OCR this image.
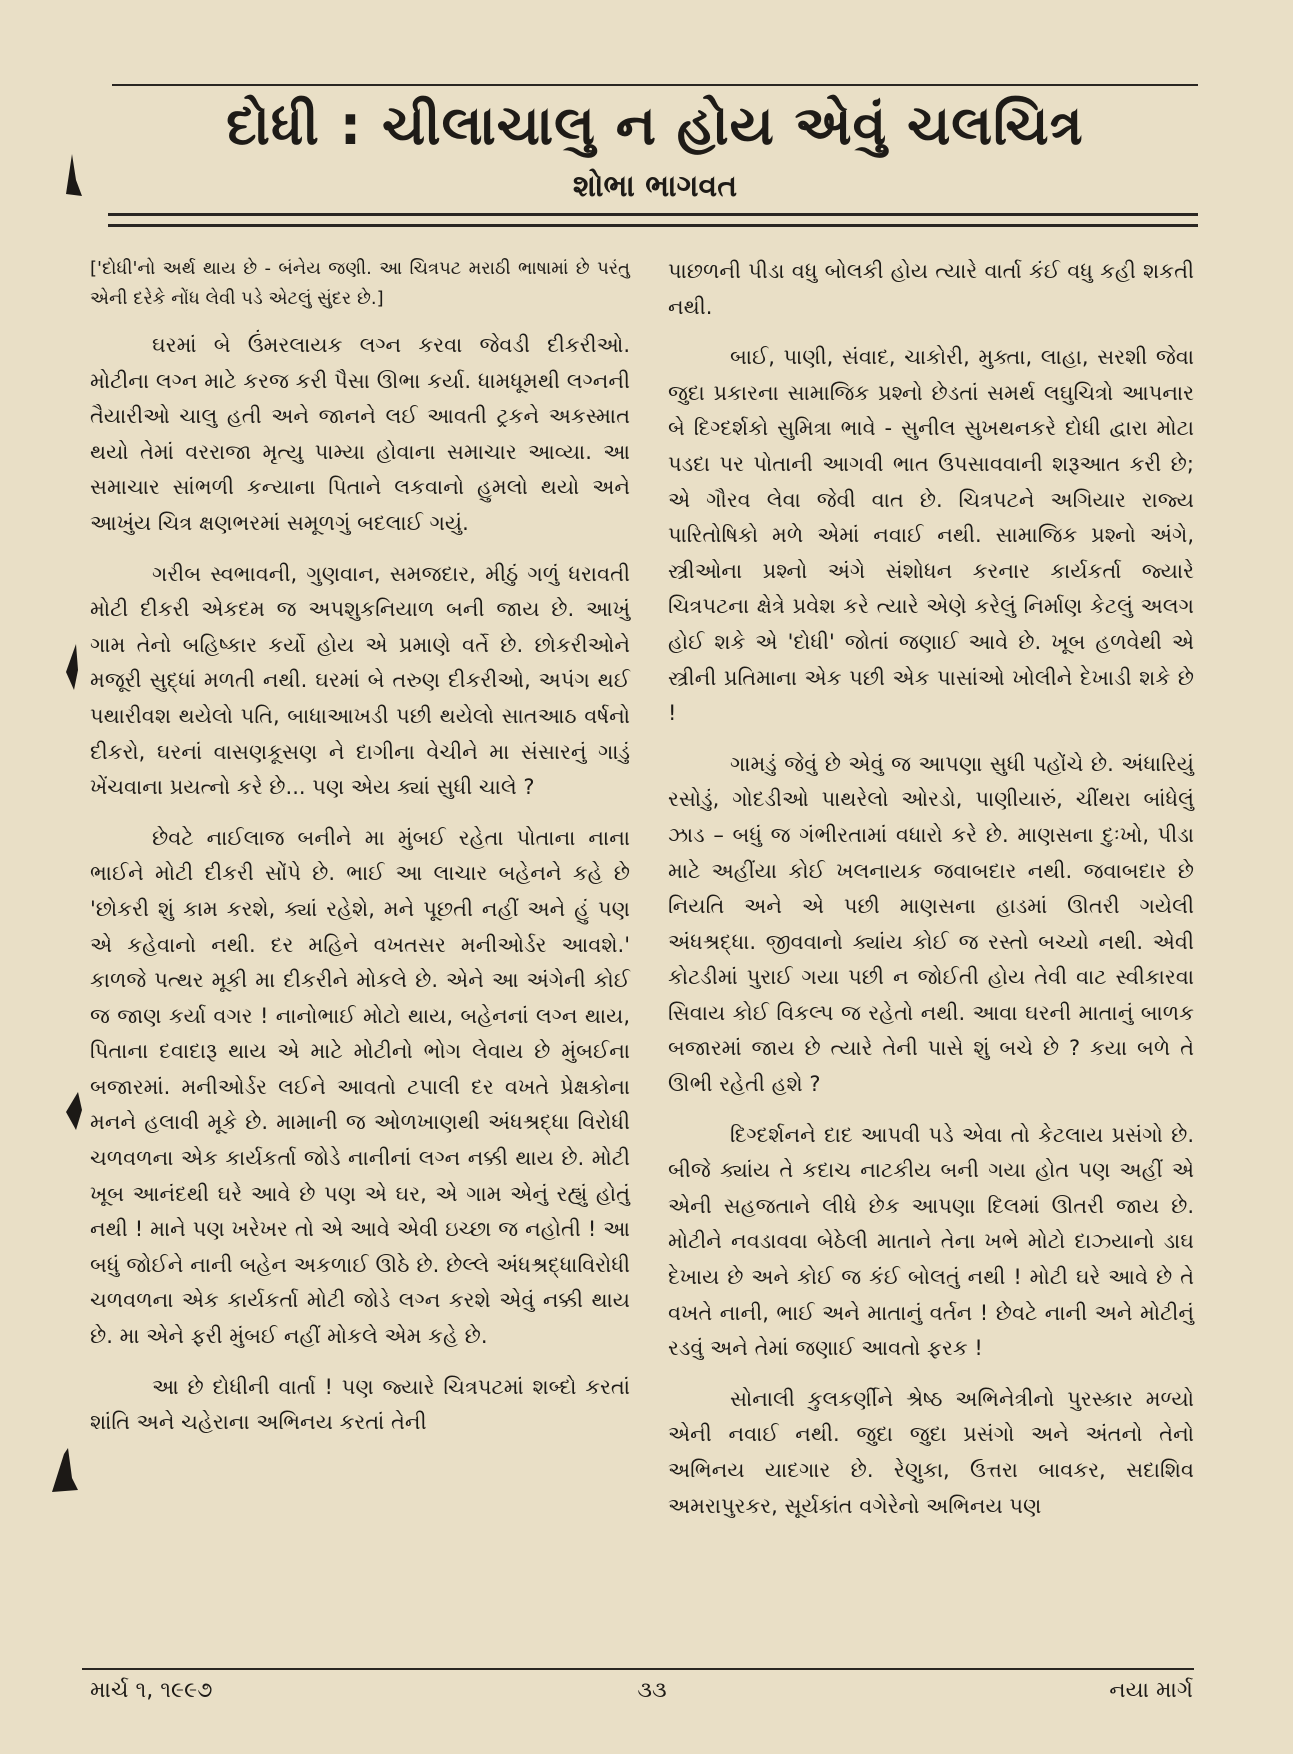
દોધી : ચીલાચાલુ ન હોય એવું ચલચિત્ર
શોભા ભાગવત

['દોધી'નો અર્થ થાય છે - બંનેય જણી. આ ચિત્રપટ મરાઠી ભાષામાં છે પરંતુ એની દરેકે નોંધ લેવી પડે એટલું સુંદર છે.]

ઘરમાં બે ઉંમરલાયક લગ્ન કરવા જેવડી દીકરીઓ. મોટીના લગ્ન માટે કરજ કરી પૈસા ઊભા કર્યા. ધામધૂમથી લગ્નની તૈયારીઓ ચાલુ હતી અને જાનને લઈ આવતી ટ્રકને અકસ્માત થયો તેમાં વરરાજા મૃત્યુ પામ્યા હોવાના સમાચાર આવ્યા. આ સમાચાર સાંભળી કન્યાના પિતાને લકવાનો હુમલો થયો અને આખુંય ચિત્ર ક્ષણભરમાં સમૂળગું બદલાઈ ગયું.

ગરીબ સ્વભાવની, ગુણવાન, સમજદાર, મીઠું ગળું ધરાવતી મોટી દીકરી એકદમ જ અપશુકનિયાળ બની જાય છે. આખું ગામ તેનો બહિષ્કાર કર્યો હોય એ પ્રમાણે વર્તે છે. છોકરીઓને મજૂરી સુદ્ધાં મળતી નથી. ઘરમાં બે તરુણ દીકરીઓ, અપંગ થઈ પથારીવશ થયેલો પતિ, બાધાઆખડી પછી થયેલો સાતઆઠ વર્ષનો દીકરો, ઘરનાં વાસણકૂસણ ને દાગીના વેચીને મા સંસારનું ગાડું ખેંચવાના પ્રયત્નો કરે છે... પણ એય ક્યાં સુધી ચાલે ?

છેવટે નાઈલાજ બનીને મા મુંબઈ રહેતા પોતાના નાના ભાઈને મોટી દીકરી સોંપે છે. ભાઈ આ લાચાર બહેનને કહે છે 'છોકરી શું કામ કરશે, ક્યાં રહેશે, મને પૂછતી નહીં અને હું પણ એ કહેવાનો નથી. દર મહિને વખતસર મનીઓર્ડર આવશે.' કાળજે પત્થર મૂકી મા દીકરીને મોકલે છે. એને આ અંગેની કોઈ જ જાણ કર્યા વગર ! નાનોભાઈ મોટો થાય, બહેનનાં લગ્ન થાય, પિતાના દવાદારૂ થાય એ માટે મોટીનો ભોગ લેવાય છે મુંબઈના બજારમાં. મનીઓર્ડર લઈને આવતો ટપાલી દર વખતે પ્રેક્ષકોના મનને હલાવી મૂકે છે. મામાની જ ઓળખાણથી અંધશ્રદ્ધા વિરોધી ચળવળના એક કાર્યકર્તા જોડે નાનીનાં લગ્ન નક્કી થાય છે. મોટી ખૂબ આનંદથી ઘરે આવે છે પણ એ ઘર, એ ગામ એનું રહ્યું હોતું નથી ! માને પણ ખરેખર તો એ આવે એવી ઇચ્છા જ નહોતી ! આ બધું જોઈને નાની બહેન અકળાઈ ઊઠે છે. છેલ્લે અંધશ્રદ્ધાવિરોધી ચળવળના એક કાર્યકર્તા મોટી જોડે લગ્ન કરશે એવું નક્કી થાય છે. મા એને ફરી મુંબઈ નહીં મોકલે એમ કહે છે.

આ છે દોધીની વાર્તા ! પણ જ્યારે ચિત્રપટમાં શબ્દો કરતાં શાંતિ અને ચહેરાના અભિનય કરતાં તેની

પાછળની પીડા વધુ બોલકી હોય ત્યારે વાર્તા કંઈ વધુ કહી શકતી નથી.

બાઈ, પાણી, સંવાદ, ચાકોરી, મુક્તા, લાહા, સરશી જેવા જુદા પ્રકારના સામાજિક પ્રશ્નો છેડતાં સમર્થ લઘુચિત્રો આપનાર બે દિગ્દર્શકો સુમિત્રા ભાવે - સુનીલ સુખથનકરે દોધી દ્વારા મોટા પડદા પર પોતાની આગવી ભાત ઉપસાવવાની શરૂઆત કરી છે; એ ગૌરવ લેવા જેવી વાત છે. ચિત્રપટને અગિયાર રાજ્ય પારિતોષિકો મળે એમાં નવાઈ નથી. સામાજિક પ્રશ્નો અંગે, સ્ત્રીઓના પ્રશ્નો અંગે સંશોધન કરનાર કાર્યકર્તા જ્યારે ચિત્રપટના ક્ષેત્રે પ્રવેશ કરે ત્યારે એણે કરેલું નિર્માણ કેટલું અલગ હોઈ શકે એ 'દોધી' જોતાં જણાઈ આવે છે. ખૂબ હળવેથી એ સ્ત્રીની પ્રતિમાના એક પછી એક પાસાંઓ ખોલીને દેખાડી શકે છે !

ગામડું જેવું છે એવું જ આપણા સુધી પહોંચે છે. અંધારિયું રસોડું, ગોદડીઓ પાથરેલો ઓરડો, પાણીયારું, ચીંથરા બાંધેલું ઝાડ – બધું જ ગંભીરતામાં વધારો કરે છે. માણસના દુઃખો, પીડા માટે અહીંયા કોઈ ખલનાયક જવાબદાર નથી. જવાબદાર છે નિયતિ અને એ પછી માણસના હાડમાં ઊતરી ગયેલી અંધશ્રદ્ધા. જીવવાનો ક્યાંય કોઈ જ રસ્તો બચ્યો નથી. એવી કોટડીમાં પુરાઈ ગયા પછી ન જોઈતી હોય તેવી વાટ સ્વીકારવા સિવાય કોઈ વિકલ્પ જ રહેતો નથી. આવા ઘરની માતાનું બાળક બજારમાં જાય છે ત્યારે તેની પાસે શું બચે છે ? કયા બળે તે ઊભી રહેતી હશે ?

દિગ્દર્શનને દાદ આપવી પડે એવા તો કેટલાય પ્રસંગો છે. બીજે ક્યાંય તે કદાચ નાટકીય બની ગયા હોત પણ અહીં એ એની સહજતાને લીધે છેક આપણા દિલમાં ઊતરી જાય છે. મોટીને નવડાવવા બેઠેલી માતાને તેના ખભે મોટો દાઝ્યાનો ડાઘ દેખાય છે અને કોઈ જ કંઈ બોલતું નથી ! મોટી ઘરે આવે છે તે વખતે નાની, ભાઈ અને માતાનું વર્તન ! છેવટે નાની અને મોટીનું રડવું અને તેમાં જણાઈ આવતો ફરક !

સોનાલી કુલકર્ણીને શ્રેષ્ઠ અભિનેત્રીનો પુરસ્કાર મળ્યો એની નવાઈ નથી. જુદા જુદા પ્રસંગો અને અંતનો તેનો અભિનય યાદગાર છે. રેણુકા, ઉત્તરા બાવકર, સદાશિવ અમરાપુરકર, સૂર્યકાંત વગેરેનો અભિનય પણ

માર્ચ ૧, ૧૯૯૭	૩૩	નયા માર્ગ
